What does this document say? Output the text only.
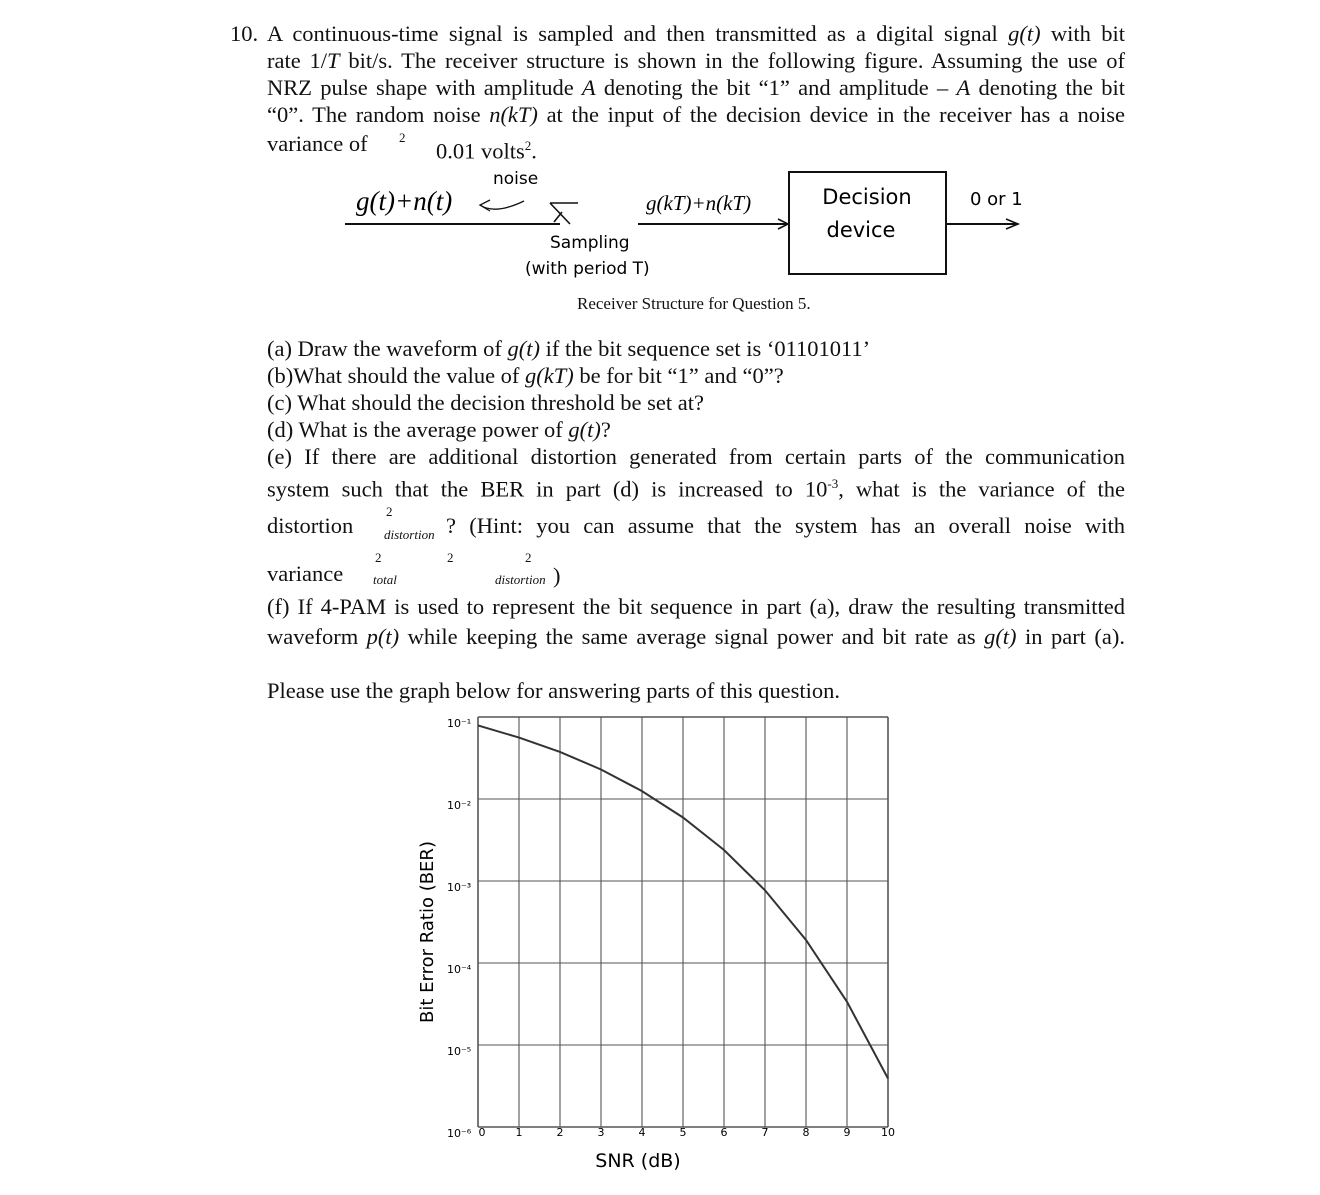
10. A continuous-time signal is sampled and then transmitted as a digital signal g(t) with bit
rate 1/T bit/s. The receiver structure is shown in the following figure. Assuming the use of
NRZ pulse shape with amplitude A denoting the bit “1” and amplitude – A denoting the bit
“0”. The random noise n(kT) at the input of the decision device in the receiver has a noise
variance of 2
0.01 volts$^2$.
g(t)+n(t)
noise
Sampling
(with period T)
g(kT)+n(kT)	Decision
device
0 or 1
Receiver Structure for Question 5.
(a) Draw the waveform of g(t) if the bit sequence set is ‘01101011’
(b)What should the value of g(kT) be for bit “1” and “0”?
(c) What should the decision threshold be set at?
(d) What is the average power of g(t)?
(e) If there are additional distortion generated from certain parts of the communication
system such that the BER in part (d) is increased to $10^{-3}$, what is the variance of the
distortion
2
distortion ? (Hint: you can assume that the system has an overall noise with
variance
2
total
2	2
distortion )
(f) If 4-PAM is used to represent the bit sequence in part (a), draw the resulting transmitted
waveform p(t) while keeping the same average signal power and bit rate as g(t) in part (a).
Please use the graph below for answering parts of this question.
10⁻¹
10⁻²
10⁻³
10⁻⁴
10⁻⁵
10⁻⁶ 0	1	2	3	4	5	6	7	8	9	10
Bit Error Ratio (BER)
SNR (dB)
